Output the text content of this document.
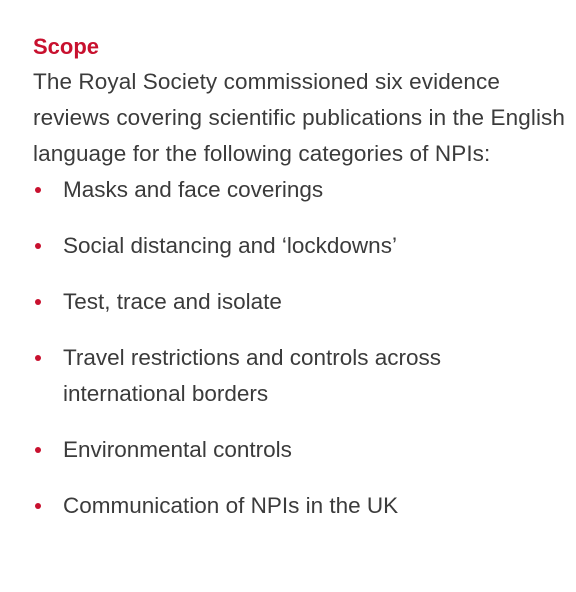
Scope

The Royal Society commissioned six evidence reviews covering scientific publications in the English language for the following categories of NPIs:

Masks and face coverings
Social distancing and ‘lockdowns’
Test, trace and isolate
Travel restrictions and controls across international borders
Environmental controls
Communication of NPIs in the UK
